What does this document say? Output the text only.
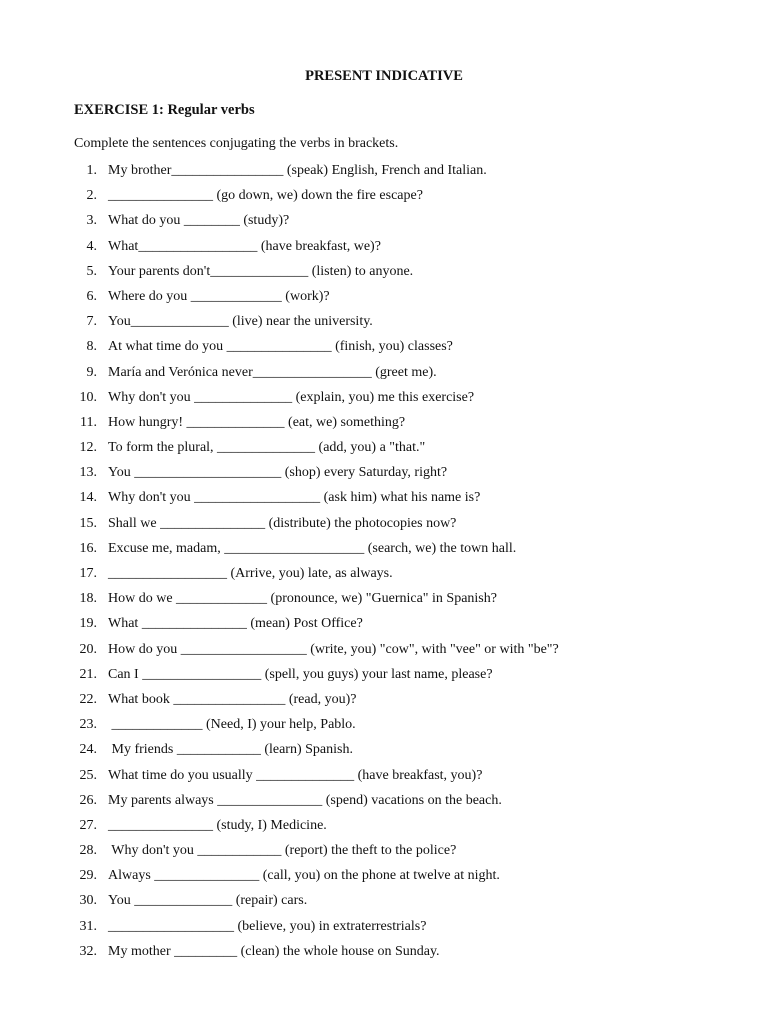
PRESENT INDICATIVE
EXERCISE 1: Regular verbs
Complete the sentences conjugating the verbs in brackets.
1. My brother________________ (speak) English, French and Italian.
2. _______________ (go down, we) down the fire escape?
3. What do you ________ (study)?
4. What_________________ (have breakfast, we)?
5. Your parents don't______________ (listen) to anyone.
6. Where do you _____________ (work)?
7. You______________ (live) near the university.
8. At what time do you _______________ (finish, you) classes?
9. María and Verónica never_________________ (greet me).
10. Why don't you ______________ (explain, you) me this exercise?
11. How hungry! ______________ (eat, we) something?
12. To form the plural, ______________ (add, you) a "that."
13. You _____________________ (shop) every Saturday, right?
14. Why don't you __________________ (ask him) what his name is?
15. Shall we _______________ (distribute) the photocopies now?
16. Excuse me, madam, ____________________ (search, we) the town hall.
17. _________________ (Arrive, you) late, as always.
18. How do we _____________ (pronounce, we) "Guernica" in Spanish?
19. What _______________ (mean) Post Office?
20. How do you __________________ (write, you) "cow", with "vee" or with "be"?
21. Can I _________________ (spell, you guys) your last name, please?
22. What book ________________ (read, you)?
23. _____________ (Need, I) your help, Pablo.
24. My friends ____________ (learn) Spanish.
25. What time do you usually ______________ (have breakfast, you)?
26. My parents always _______________ (spend) vacations on the beach.
27. _______________ (study, I) Medicine.
28. Why don't you ____________ (report) the theft to the police?
29. Always _______________ (call, you) on the phone at twelve at night.
30. You ______________ (repair) cars.
31. __________________ (believe, you) in extraterrestrials?
32. My mother _________ (clean) the whole house on Sunday.
